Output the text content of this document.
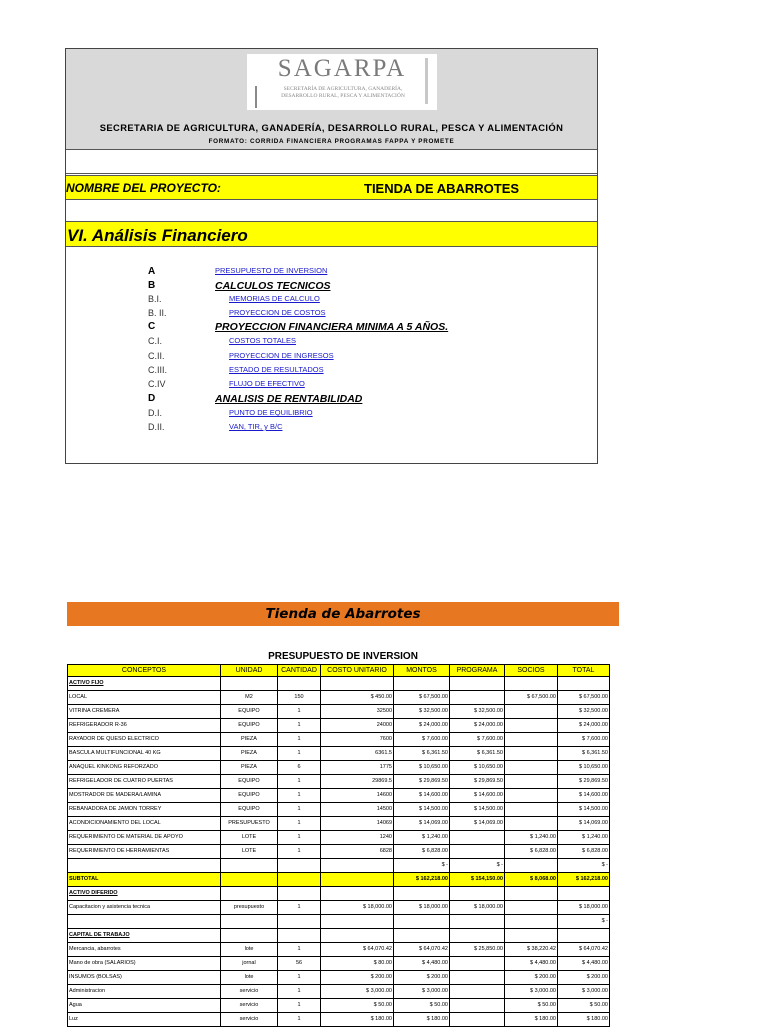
SAGARPA
SECRETARÍA DE AGRICULTURA, GANADERÍA, DESARROLLO RURAL, PESCA Y ALIMENTACIÓN
SECRETARIA DE AGRICULTURA, GANADERÍA, DESARROLLO RURAL, PESCA Y ALIMENTACIÓN
FORMATO: CORRIDA FINANCIERA PROGRAMAS FAPPA Y PROMETE
NOMBRE DEL PROYECTO:	TIENDA DE ABARROTES
VI. Análisis Financiero
A	PRESUPUESTO DE INVERSION
B	CALCULOS TECNICOS
B.I.	MEMORIAS DE CALCULO
B. II.	PROYECCION DE COSTOS
C	PROYECCION FINANCIERA MINIMA A 5 AÑOS.
C.I.	COSTOS TOTALES
C.II.	PROYECCION DE INGRESOS
C.III.	ESTADO DE RESULTADOS
C.IV	FLUJO DE EFECTIVO
D	ANALISIS DE RENTABILIDAD
D.I.	PUNTO DE EQUILIBRIO
D.II.	VAN, TIR, y B/C
Tienda de Abarrotes
PRESUPUESTO DE INVERSION
CONCEPTOS	UNIDAD	CANTIDAD	COSTO UNITARIO	MONTOS	PROGRAMA	SOCIOS	TOTAL
ACTIVO FIJO							
LOCAL	M2	150	$ 450.00	$ 67,500.00		$ 67,500.00	$ 67,500.00
VITRINA CREMERA	EQUIPO	1	32500	$ 32,500.00	$ 32,500.00		$ 32,500.00
REFRIGERADOR R-36	EQUIPO	1	24000	$ 24,000.00	$ 24,000.00		$ 24,000.00
RAYADOR DE QUESO ELECTRICO	PIEZA	1	7600	$ 7,600.00	$ 7,600.00		$ 7,600.00
BASCULA MULTIFUNCIONAL 40 KG	PIEZA	1	6361.5	$ 6,361.50	$ 6,361.50		$ 6,361.50
ANAQUEL KINKONG REFORZADO	PIEZA	6	1775	$ 10,650.00	$ 10,650.00		$ 10,650.00
REFRIGELADOR DE CUATRO PUERTAS	EQUIPO	1	29869.5	$ 29,869.50	$ 29,869.50		$ 29,869.50
MOSTRADOR DE MADERA/LAMINA	EQUIPO	1	14600	$ 14,600.00	$ 14,600.00		$ 14,600.00
REBANADORA DE JAMON TORREY	EQUIPO	1	14500	$ 14,500.00	$ 14,500.00		$ 14,500.00
ACONDICIONAMIENTO DEL LOCAL	PRESUPUESTO	1	14069	$ 14,069.00	$ 14,069.00		$ 14,069.00
REQUERIMIENTO DE MATERIAL DE APOYO	LOTE	1	1240	$ 1,240.00		$ 1,240.00	$ 1,240.00
REQUERIMIENTO DE HERRAMIENTAS	LOTE	1	6828	$ 6,828.00		$ 6,828.00	$ 6,828.00
				$ -	$ -		$ -
SUBTOTAL				$ 162,218.00	$ 154,150.00	$ 8,068.00	$ 162,218.00
ACTIVO DIFERIDO							
Capacitacion y asistencia tecnica	presupuesto	1	$ 18,000.00	$ 18,000.00	$ 18,000.00		$ 18,000.00
							$ -
CAPITAL DE TRABAJO							
Mercancia, abarrotes	lote	1	$ 64,070.42	$ 64,070.42	$ 25,850.00	$ 38,220.42	$ 64,070.42
Mano de obra (SALARIOS)	jornal	56	$ 80.00	$ 4,480.00		$ 4,480.00	$ 4,480.00
INSUMOS (BOLSAS)	lote	1	$ 200.00	$ 200.00		$ 200.00	$ 200.00
Administracion	servicio	1	$ 3,000.00	$ 3,000.00		$ 3,000.00	$ 3,000.00
Agua	servicio	1	$ 50.00	$ 50.00		$ 50.00	$ 50.00
Luz	servicio	1	$ 180.00	$ 180.00		$ 180.00	$ 180.00
